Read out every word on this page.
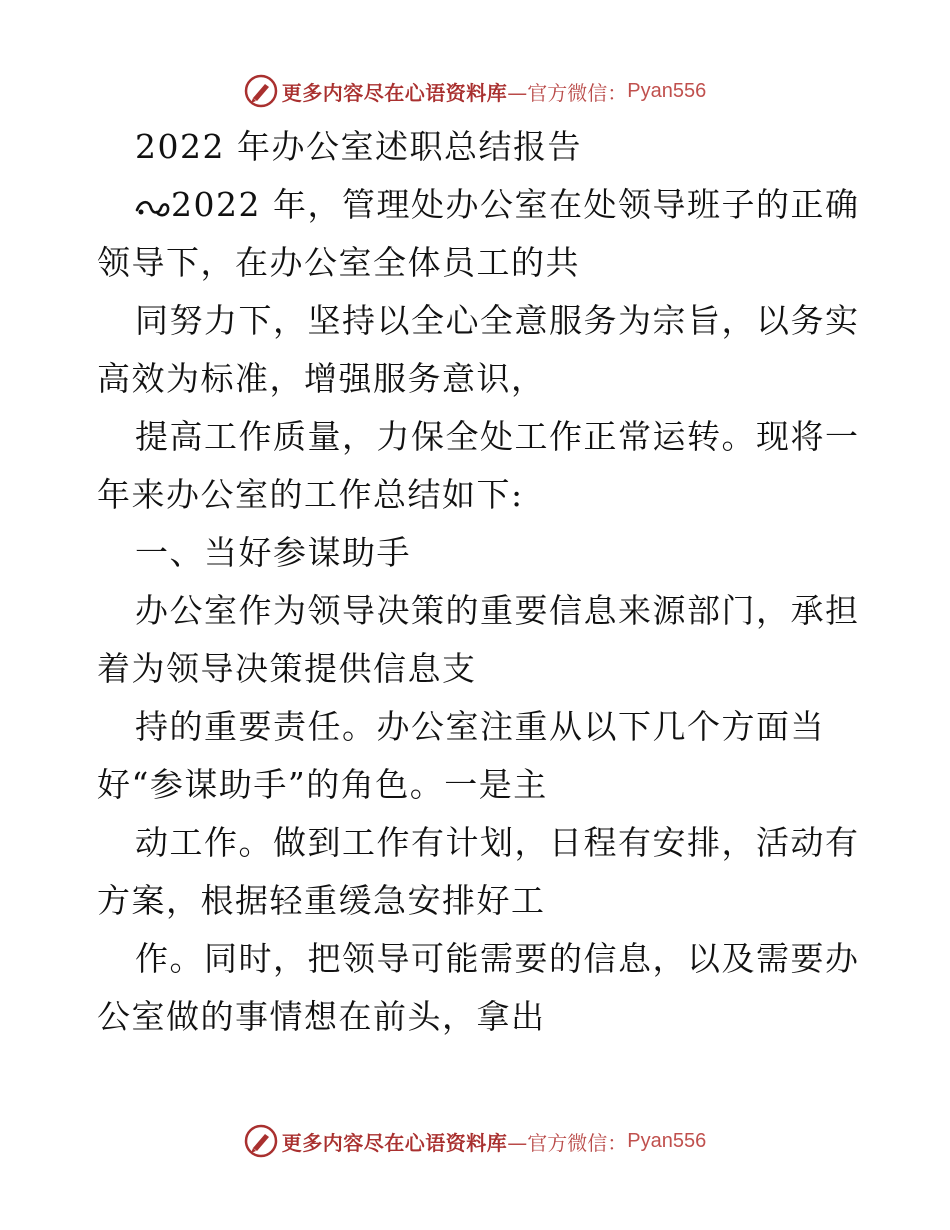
更多内容尽在心语资料库 —官方微信： Pyan556
2022 年办公室述职总结报告
2022 年，管理处办公室在处领导班子的正确
领导下，在办公室全体员工的共
同努力下，坚持以全心全意服务为宗旨，以务实
高效为标准，增强服务意识，
提高工作质量，力保全处工作正常运转。现将一
年来办公室的工作总结如下:
一、当好参谋助手
办公室作为领导决策的重要信息来源部门，承担
着为领导决策提供信息支
持的重要责任。办公室注重从以下几个方面当
好“参谋助手”的角色。一是主
动工作。做到工作有计划，日程有安排，活动有
方案，根据轻重缓急安排好工
作。同时，把领导可能需要的信息，以及需要办
公室做的事情想在前头，拿出
更多内容尽在心语资料库 —官方微信： Pyan556
